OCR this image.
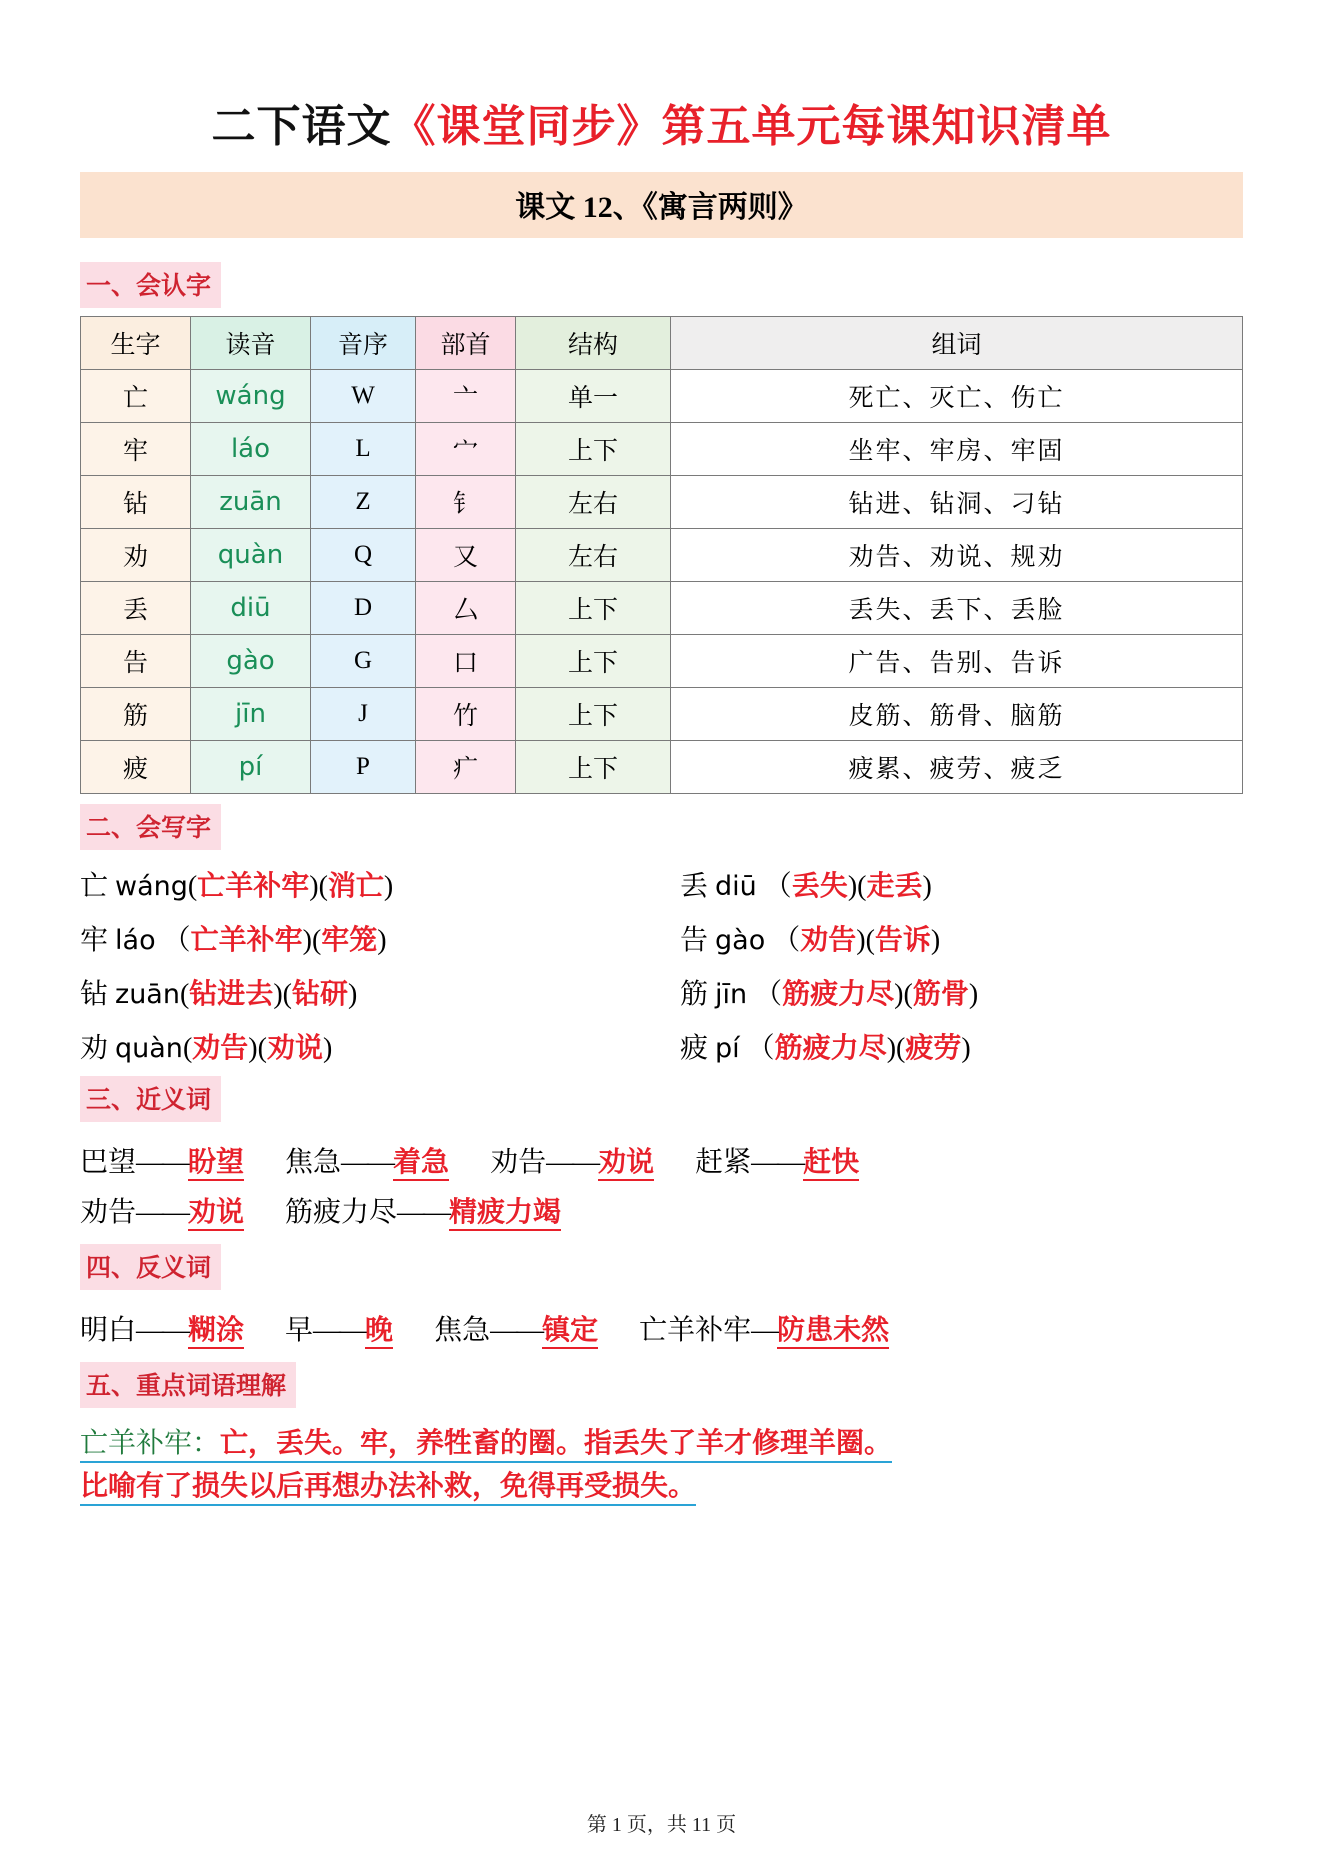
二下语文《课堂同步》第五单元每课知识清单
课文 12、《寓言两则》
一、会认字
生字	读音	音序	部首	结构	组词
亡	wáng	W	亠	单一	死亡、灭亡、伤亡
牢	láo	L	宀	上下	坐牢、牢房、牢固
钻	zuān	Z	钅	左右	钻进、钻洞、刁钻
劝	quàn	Q	又	左右	劝告、劝说、规劝
丢	diū	D	厶	上下	丢失、丢下、丢脸
告	gào	G	口	上下	广告、告别、告诉
筋	jīn	J	竹	上下	皮筋、筋骨、脑筋
疲	pí	P	疒	上下	疲累、疲劳、疲乏
二、会写字
亡 wáng(亡羊补牢)(消亡)	丢 diū （丢失)(走丢)
牢 láo （亡羊补牢)(牢笼)	告 gào （劝告)(告诉)
钻 zuān(钻进去)(钻研)	筋 jīn （筋疲力尽)(筋骨)
劝 quàn(劝告)(劝说)	疲 pí （筋疲力尽)(疲劳)
三、近义词
巴望——盼望 焦急——着急 劝告——劝说 赶紧——赶快
劝告——劝说 筋疲力尽——精疲力竭
四、反义词
明白——糊涂 早——晚 焦急——镇定 亡羊补牢—防患未然
五、重点词语理解
亡羊补牢：亡，丢失。牢，养牲畜的圈。指丢失了羊才修理羊圈。
比喻有了损失以后再想办法补救，免得再受损失。
第 1 页，共 11 页
